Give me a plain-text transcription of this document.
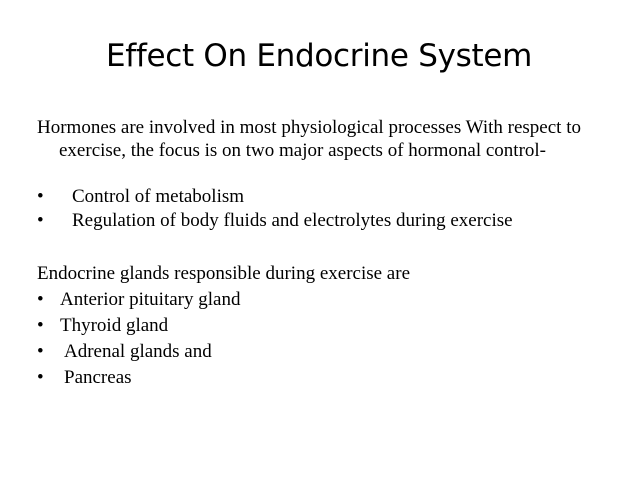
Effect On Endocrine System
Hormones are involved in most physiological processes With respect to exercise, the focus is on two major aspects of hormonal control-
• Control of metabolism
• Regulation of body fluids and electrolytes during exercise
Endocrine glands responsible during exercise are
• Anterior pituitary gland
• Thyroid gland
• Adrenal glands and
• Pancreas
